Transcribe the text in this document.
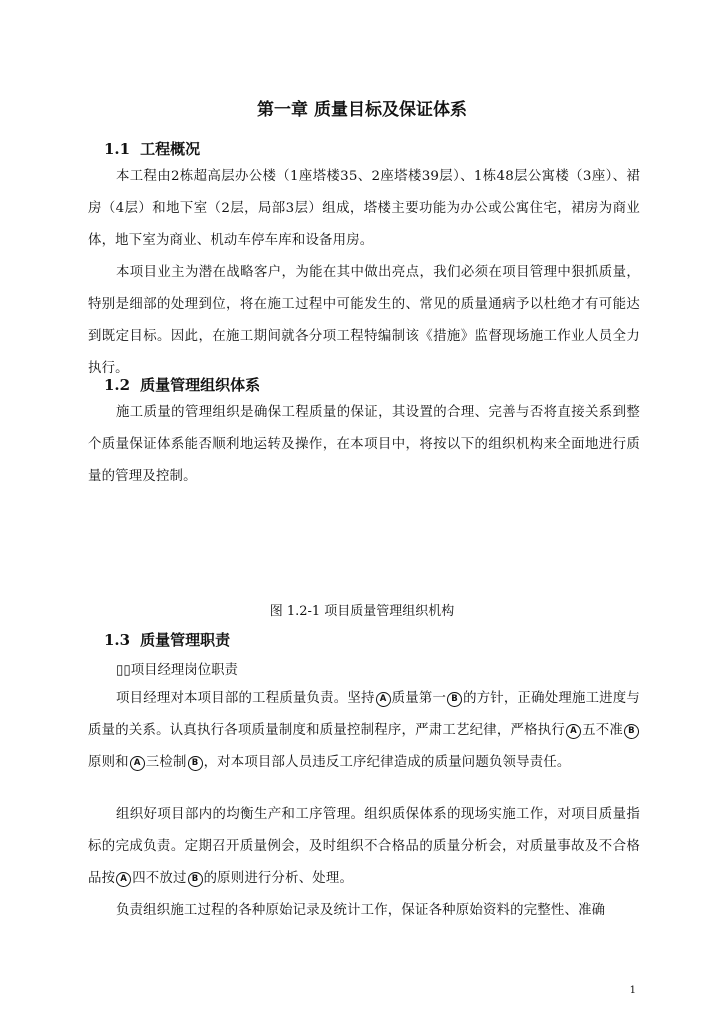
第一章 质量目标及保证体系

1.1 工程概况

本工程由2栋超高层办公楼（1座塔楼35、2座塔楼39层）、1栋48层公寓楼（3座）、裙房（4层）和地下室（2层，局部3层）组成，塔楼主要功能为办公或公寓住宅，裙房为商业体，地下室为商业、机动车停车库和设备用房。

本项目业主为潜在战略客户，为能在其中做出亮点，我们必须在项目管理中狠抓质量，特别是细部的处理到位，将在施工过程中可能发生的、常见的质量通病予以杜绝才有可能达到既定目标。因此，在施工期间就各分项工程特编制该《措施》监督现场施工作业人员全力执行。

1.2 质量管理组织体系

施工质量的管理组织是确保工程质量的保证，其设置的合理、完善与否将直接关系到整个质量保证体系能否顺利地运转及操作，在本项目中，将按以下的组织机构来全面地进行质量的管理及控制。

图 1.2-1 项目质量管理组织机构

1.3 质量管理职责

▯▯项目经理岗位职责

项目经理对本项目部的工程质量负责。坚持 A 质量第一 B 的方针，正确处理施工进度与质量的关系。认真执行各项质量制度和质量控制程序，严肃工艺纪律，严格执行 A 五不准 B原则和 A 三检制 B ，对本项目部人员违反工序纪律造成的质量问题负领导责任。

组织好项目部内的均衡生产和工序管理。组织质保体系的现场实施工作，对项目质量指标的完成负责。定期召开质量例会，及时组织不合格品的质量分析会，对质量事故及不合格品按 A 四不放过 B 的原则进行分析、处理。

负责组织施工过程的各种原始记录及统计工作，保证各种原始资料的完整性、准确

1
